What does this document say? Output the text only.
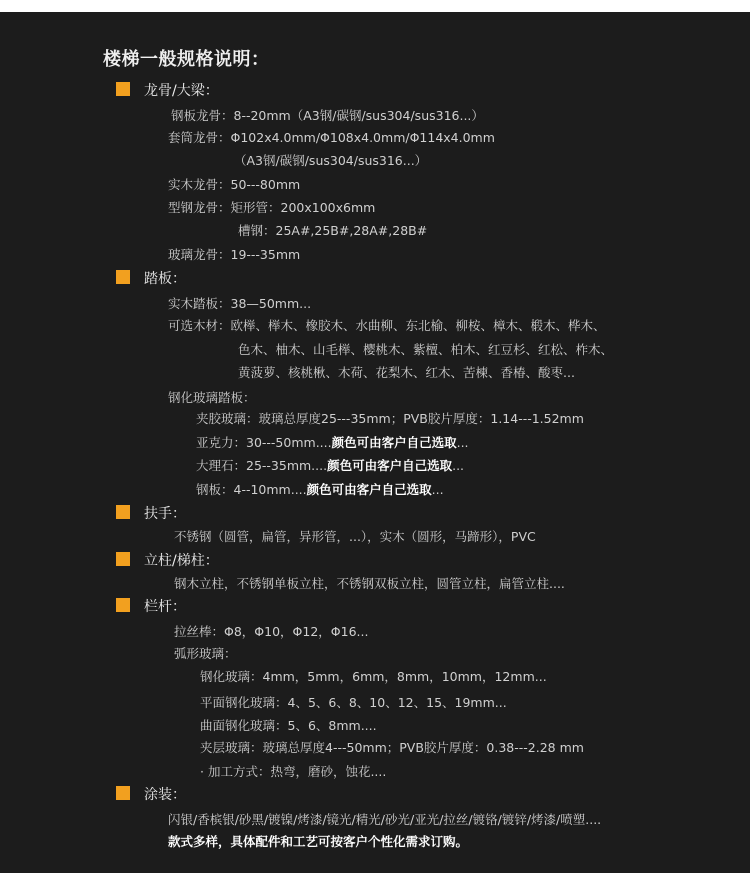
楼梯一般规格说明：
龙骨/大梁：
钢板龙骨：8--20mm（A3钢/碳钢/sus304/sus316...）
套筒龙骨：Φ102x4.0mm/Φ108x4.0mm/Φ114x4.0mm
（A3钢/碳钢/sus304/sus316...）
实木龙骨：50---80mm
型钢龙骨：矩形管：200x100x6mm
槽钢：25A#,25B#,28A#,28B#
玻璃龙骨：19---35mm
踏板：
实木踏板：38—50mm...
可选木材：欧榉、榉木、橡胶木、水曲柳、东北榆、柳桉、樟木、椴木、桦木、
色木、柚木、山毛榉、樱桃木、紫檀、柏木、红豆杉、红松、柞木、
黄菠萝、核桃楸、木荷、花梨木、红木、苦楝、香椿、酸枣...
钢化玻璃踏板：
夹胶玻璃：玻璃总厚度25---35mm；PVB胶片厚度：1.14---1.52mm
亚克力：30---50mm....颜色可由客户自己选取...
大理石：25--35mm....颜色可由客户自己选取...
钢板：4--10mm....颜色可由客户自己选取...
扶手：
不锈钢（圆管，扁管，异形管，...），实木（圆形，马蹄形），PVC
立柱/梯柱：
钢木立柱，不锈钢单板立柱，不锈钢双板立柱，圆管立柱，扁管立柱....
栏杆：
拉丝棒：Φ8，Φ10，Φ12，Φ16...
弧形玻璃：
钢化玻璃：4mm，5mm，6mm，8mm，10mm，12mm...
平面钢化玻璃：4、5、6、8、10、12、15、19mm...
曲面钢化玻璃：5、6、8mm....
夹层玻璃：玻璃总厚度4---50mm；PVB胶片厚度：0.38---2.28 mm
· 加工方式：热弯，磨砂，蚀花....
涂装：
闪银/香槟银/砂黑/镀镍/烤漆/镜光/精光/砂光/亚光/拉丝/镀铬/镀锌/烤漆/喷塑....
款式多样，具体配件和工艺可按客户个性化需求订购。
